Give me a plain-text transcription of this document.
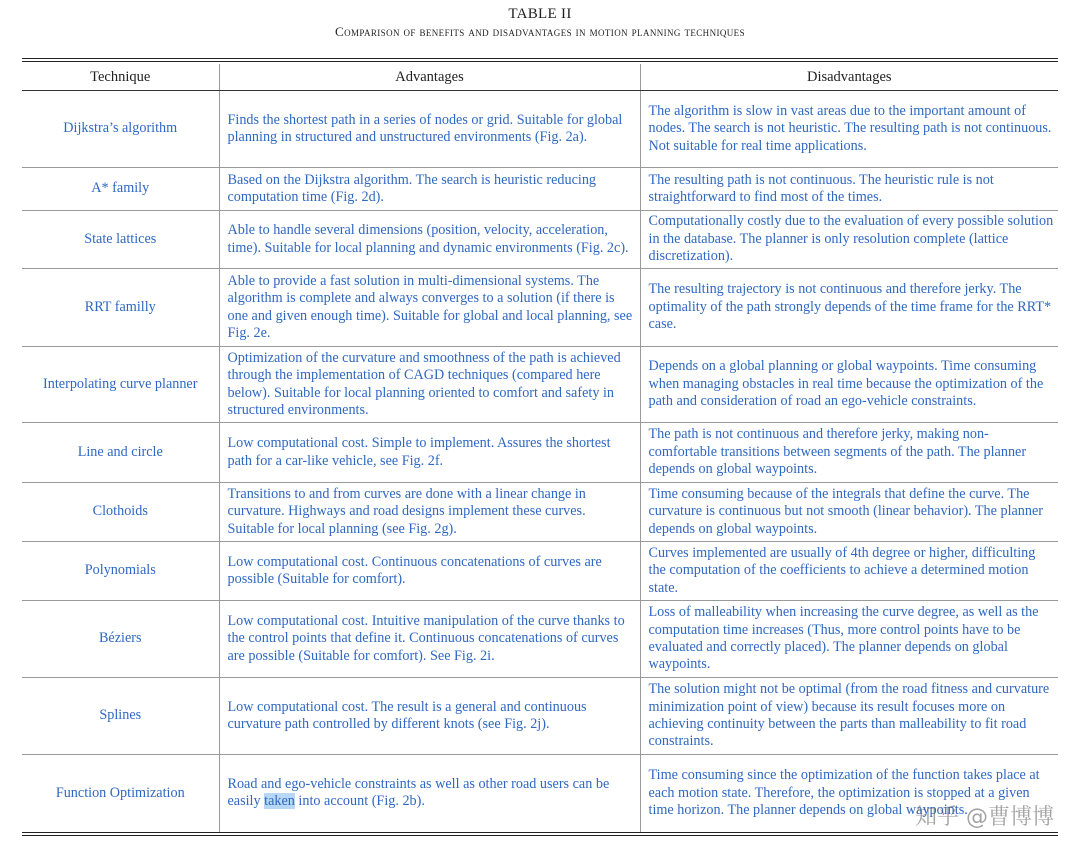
TABLE II
Comparison of benefits and disadvantages in motion planning techniques
Technique	Advantages	Disadvantages
Dijkstra’s algorithm	Finds the shortest path in a series of nodes or grid. Suitable for global planning in structured and unstructured environments (Fig. 2a).	The algorithm is slow in vast areas due to the important amount of nodes. The search is not heuristic. The resulting path is not continuous. Not suitable for real time applications.
A* family	Based on the Dijkstra algorithm. The search is heuristic reducing computation time (Fig. 2d).	The resulting path is not continuous. The heuristic rule is not straightforward to find most of the times.
State lattices	Able to handle several dimensions (position, velocity, acceleration, time). Suitable for local planning and dynamic environments (Fig. 2c).	Computationally costly due to the evaluation of every possible solution in the database. The planner is only resolution complete (lattice discretization).
RRT familly	Able to provide a fast solution in multi-dimensional systems. The algorithm is complete and always converges to a solution (if there is one and given enough time). Suitable for global and local planning, see Fig. 2e.	The resulting trajectory is not continuous and therefore jerky. The optimality of the path strongly depends of the time frame for the RRT* case.
Interpolating curve planner	Optimization of the curvature and smoothness of the path is achieved through the implementation of CAGD techniques (compared here below). Suitable for local planning oriented to comfort and safety in structured environments.	Depends on a global planning or global waypoints. Time consuming when managing obstacles in real time because the optimization of the path and consideration of road an ego-vehicle constraints.
Line and circle	Low computational cost. Simple to implement. Assures the shortest path for a car-like vehicle, see Fig. 2f.	The path is not continuous and therefore jerky, making non-comfortable transitions between segments of the path. The planner depends on global waypoints.
Clothoids	Transitions to and from curves are done with a linear change in curvature. Highways and road designs implement these curves. Suitable for local planning (see Fig. 2g).	Time consuming because of the integrals that define the curve. The curvature is continuous but not smooth (linear behavior). The planner depends on global waypoints.
Polynomials	Low computational cost. Continuous concatenations of curves are possible (Suitable for comfort).	Curves implemented are usually of 4th degree or higher, difficulting the computation of the coefficients to achieve a determined motion state.
Béziers	Low computational cost. Intuitive manipulation of the curve thanks to the control points that define it. Continuous concatenations of curves are possible (Suitable for comfort). See Fig. 2i.	Loss of malleability when increasing the curve degree, as well as the computation time increases (Thus, more control points have to be evaluated and correctly placed). The planner depends on global waypoints.
Splines	Low computational cost. The result is a general and continuous curvature path controlled by different knots (see Fig. 2j).	The solution might not be optimal (from the road fitness and curvature minimization point of view) because its result focuses more on achieving continuity between the parts than malleability to fit road constraints.
Function Optimization	Road and ego-vehicle constraints as well as other road users can be easily taken into account (Fig. 2b).	Time consuming since the optimization of the function takes place at each motion state. Therefore, the optimization is stopped at a given time horizon. The planner depends on global waypoints.
知乎 @曹博博
